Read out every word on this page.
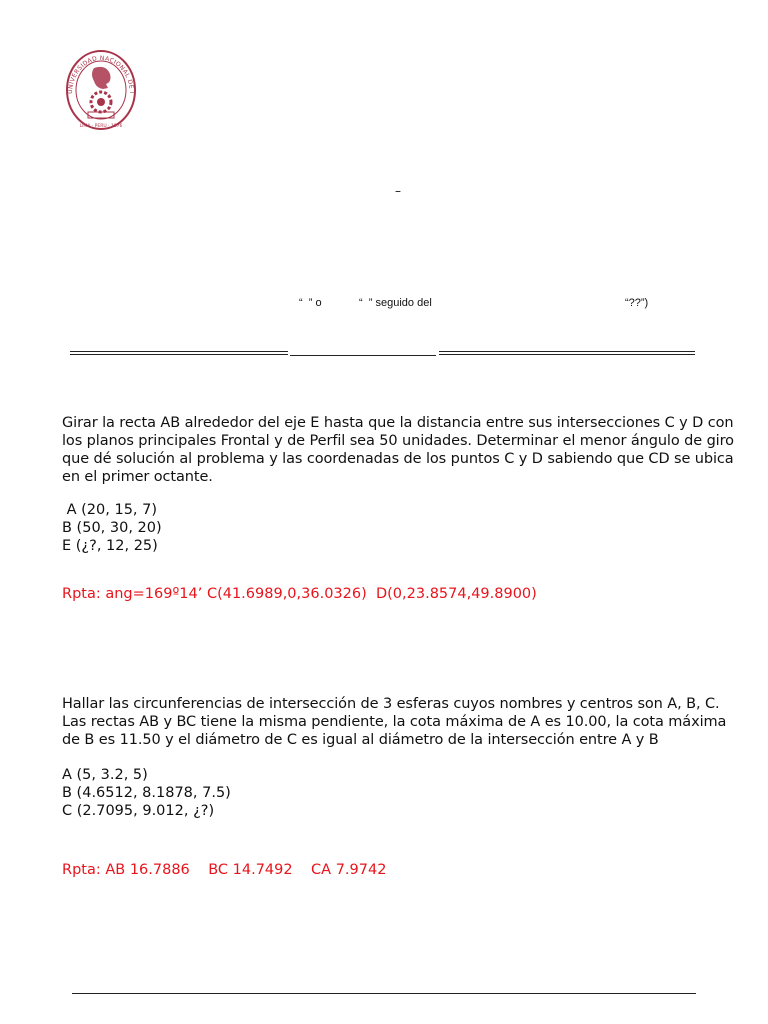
UNIVERSIDAD NACIONAL DE I
LIMA · PERU · 1876
–
“  ” o	“  ” seguido del	“??”)
Girar la recta AB alrededor del eje E hasta que la distancia entre sus intersecciones C y D con
los planos principales Frontal y de Perfil sea 50 unidades. Determinar el menor ángulo de giro
que dé solución al problema y las coordenadas de los puntos C y D sabiendo que CD se ubica
en el primer octante.
A (20, 15, 7)
B (50, 30, 20)
E (¿?, 12, 25)
Rpta: ang=169º14’ C(41.6989,0,36.0326)  D(0,23.8574,49.8900)
Hallar las circunferencias de intersección de 3 esferas cuyos nombres y centros son A, B, C.
Las rectas AB y BC tiene la misma pendiente, la cota máxima de A es 10.00, la cota máxima
de B es 11.50 y el diámetro de C es igual al diámetro de la intersección entre A y B
A (5, 3.2, 5)
B (4.6512, 8.1878, 7.5)
C (2.7095, 9.012, ¿?)
Rpta: AB 16.7886    BC 14.7492    CA 7.9742
